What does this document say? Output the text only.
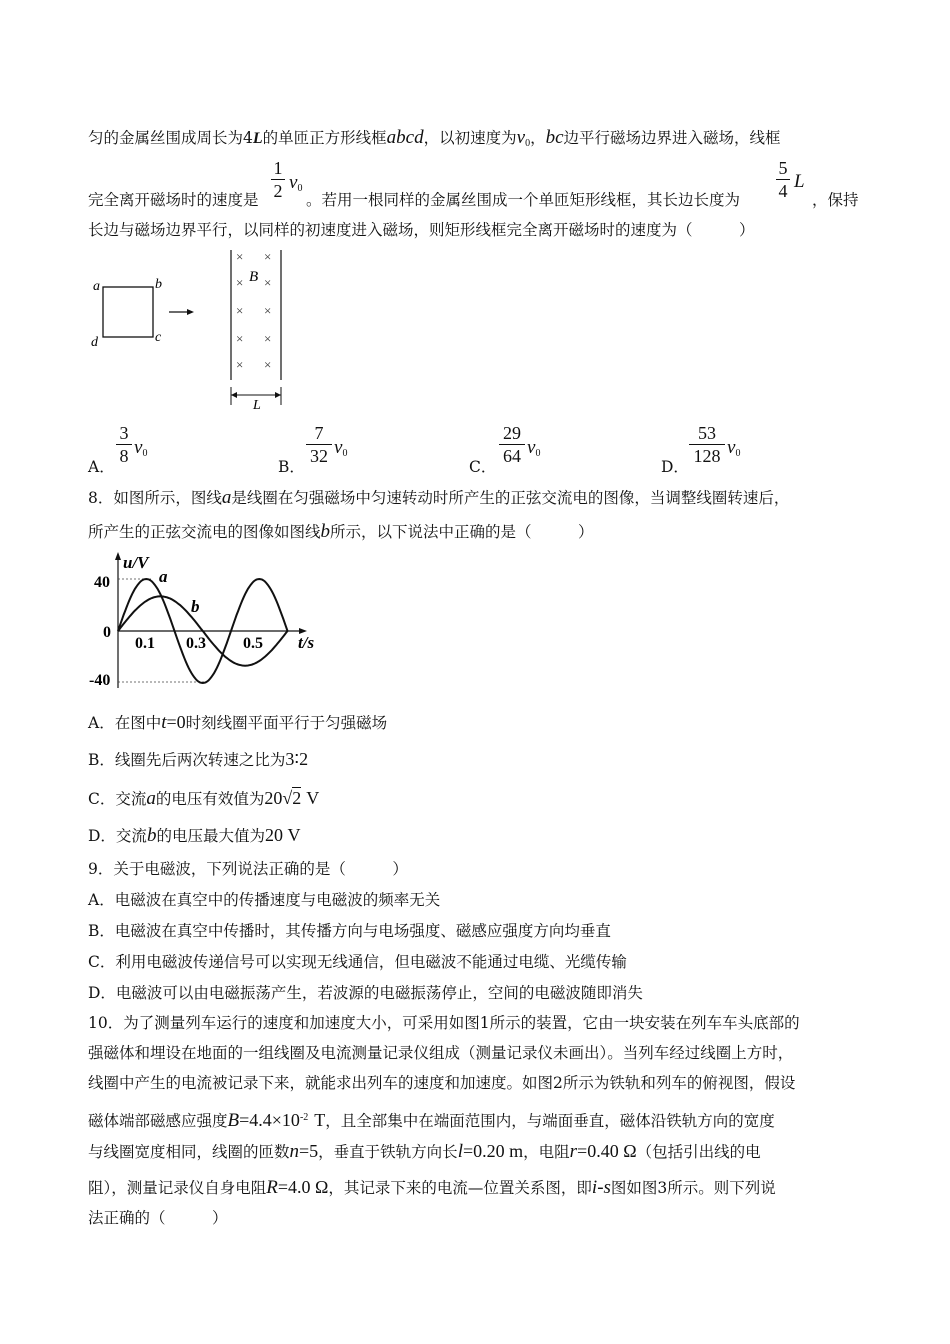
匀的金属丝围成周长为4L的单匝正方形线框abcd，以初速度为$v_0$，bc边平行磁场边界进入磁场，线框
完全离开磁场时的速度是
1
2 $v_0$
。若用一根同样的金属丝围成一个单匝矩形线框，其长边长度为
5
4 L
，保持
长边与磁场边界平行，以同样的初速度进入磁场，则矩形线框完全离开磁场时的速度为（　　　）
a	b
d	c
B
× ×
× ×
× ×
× ×
× ×
L
A．
3
8 $v_0$
B．
7
32 $v_0$
C．
29
64 $v_0$
D．
53
128 $v_0$
8．如图所示，图线a是线圈在匀强磁场中匀速转动时所产生的正弦交流电的图像，当调整线圈转速后，
所产生的正弦交流电的图像如图线b所示，以下说法中正确的是（　　　）
u/V
t/s
0
40
-40
0.1 0.3 0.5
a
b
A．在图中t=0时刻线圈平面平行于匀强磁场
B．线圈先后两次转速之比为3∶2
C．交流a的电压有效值为20√2 V
D．交流b的电压最大值为20 V
9．关于电磁波，下列说法正确的是（　　　）
A．电磁波在真空中的传播速度与电磁波的频率无关
B．电磁波在真空中传播时，其传播方向与电场强度、磁感应强度方向均垂直
C．利用电磁波传递信号可以实现无线通信，但电磁波不能通过电缆、光缆传输
D．电磁波可以由电磁振荡产生，若波源的电磁振荡停止，空间的电磁波随即消失
10．为了测量列车运行的速度和加速度大小，可采用如图1所示的装置，它由一块安装在列车车头底部的
强磁体和埋设在地面的一组线圈及电流测量记录仪组成（测量记录仪未画出）。当列车经过线圈上方时，
线圈中产生的电流被记录下来，就能求出列车的速度和加速度。如图2所示为铁轨和列车的俯视图，假设
磁体端部磁感应强度$B=4.4\times 10^{-2}$ T，且全部集中在端面范围内，与端面垂直，磁体沿铁轨方向的宽度
与线圈宽度相同，线圈的匝数n=5，垂直于铁轨方向长l=0.20 m，电阻r=0.40 Ω（包括引出线的电
阻），测量记录仪自身电阻R=4.0 Ω，其记录下来的电流—位置关系图，即i-s图如图3所示。则下列说
法正确的（　　　）
